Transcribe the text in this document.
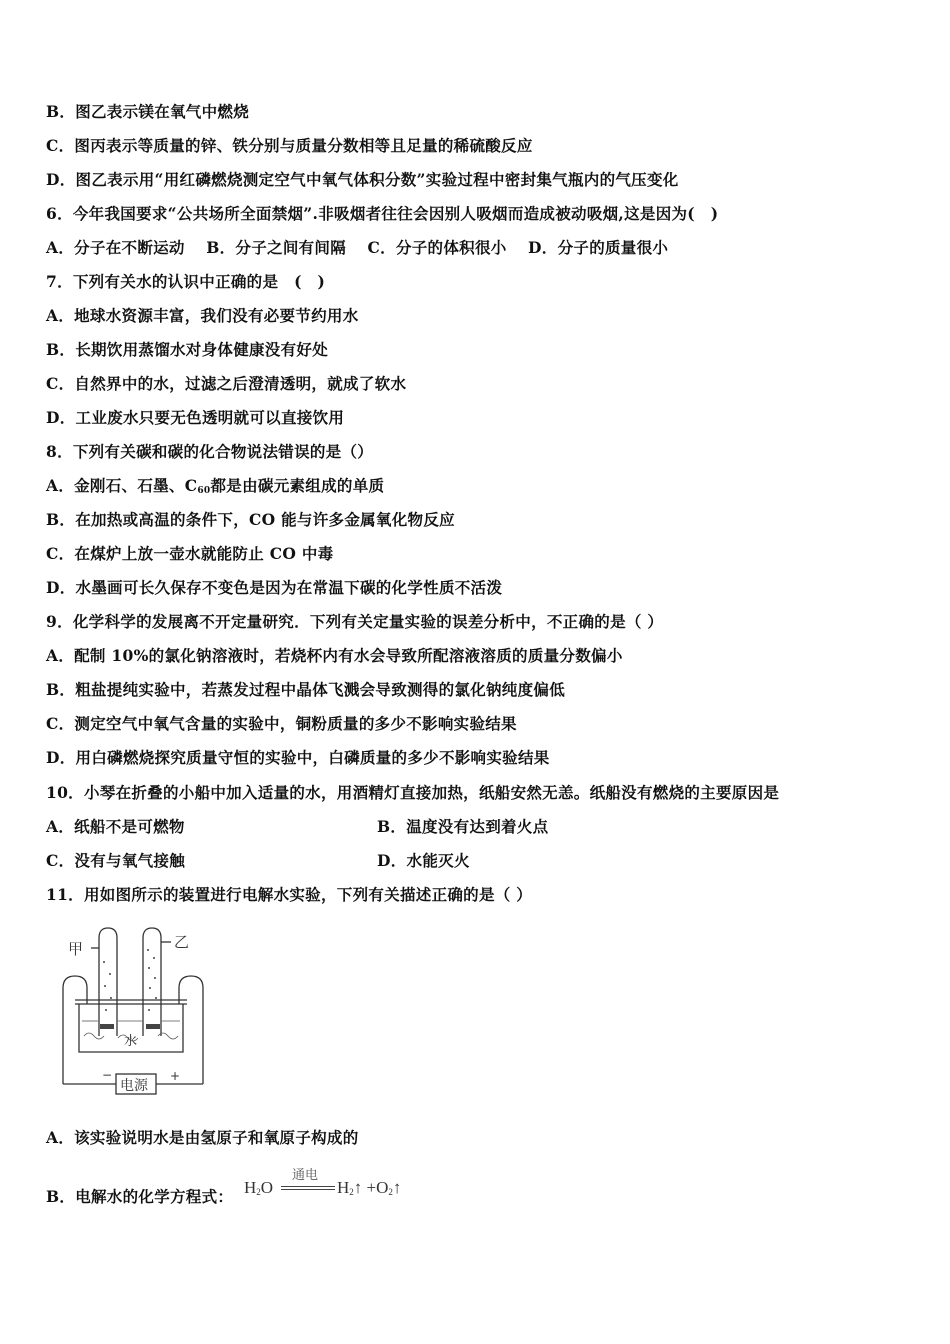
B．图乙表示镁在氧气中燃烧
C．图丙表示等质量的锌、铁分别与质量分数相等且足量的稀硫酸反应
D．图乙表示用“用红磷燃烧测定空气中氧气体积分数”实验过程中密封集气瓶内的气压变化
6．今年我国要求“公共场所全面禁烟”.非吸烟者往往会因别人吸烟而造成被动吸烟,这是因为(　)
A．分子在不断运动　 B．分子之间有间隔　 C．分子的体积很小　 D．分子的质量很小
7．下列有关水的认识中正确的是　(　)
A．地球水资源丰富，我们没有必要节约用水
B．长期饮用蒸馏水对身体健康没有好处
C．自然界中的水，过滤之后澄清透明，就成了软水
D．工业废水只要无色透明就可以直接饮用
8．下列有关碳和碳的化合物说法错误的是（）
A．金刚石、石墨、$C_{60}$都是由碳元素组成的单质
B．在加热或高温的条件下，CO 能与许多金属氧化物反应
C．在煤炉上放一壶水就能防止 CO 中毒
D．水墨画可长久保存不变色是因为在常温下碳的化学性质不活泼
9．化学科学的发展离不开定量研究．下列有关定量实验的误差分析中，不正确的是（ ）
A．配制 10%的氯化钠溶液时，若烧杯内有水会导致所配溶液溶质的质量分数偏小
B．粗盐提纯实验中，若蒸发过程中晶体飞溅会导致测得的氯化钠纯度偏低
C．测定空气中氧气含量的实验中，铜粉质量的多少不影响实验结果
D．用白磷燃烧探究质量守恒的实验中，白磷质量的多少不影响实验结果
10．小琴在折叠的小船中加入适量的水，用酒精灯直接加热，纸船安然无恙。纸船没有燃烧的主要原因是
A．纸船不是可燃物	B．温度没有达到着火点
C．没有与氧气接触	D．水能灭火
11．用如图所示的装置进行电解水实验，下列有关描述正确的是（ ）
甲	乙
水
电源
−	+
A．该实验说明水是由氢原子和氧原子构成的
B．电解水的化学方程式：
通电
$H_2O$	$H_2↑$ $+O_2↑$
